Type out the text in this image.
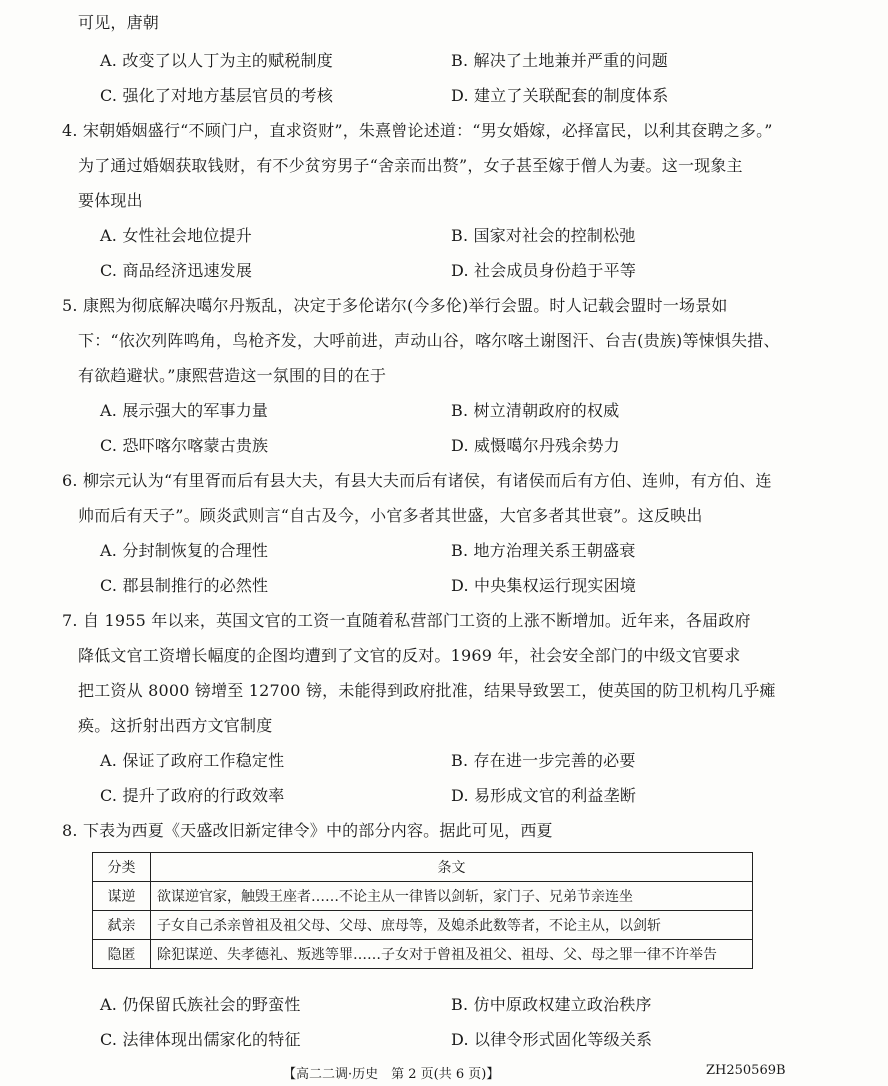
可见，唐朝
A. 改变了以人丁为主的赋税制度	B. 解决了土地兼并严重的问题
C. 强化了对地方基层官员的考核	D. 建立了关联配套的制度体系
4. 宋朝婚姻盛行“不顾门户，直求资财”，朱熹曾论述道：“男女婚嫁，必择富民，以利其奁聘之多。”
为了通过婚姻获取钱财，有不少贫穷男子“舍亲而出赘”，女子甚至嫁于僧人为妻。这一现象主
要体现出
A. 女性社会地位提升	B. 国家对社会的控制松弛
C. 商品经济迅速发展	D. 社会成员身份趋于平等
5. 康熙为彻底解决噶尔丹叛乱，决定于多伦诺尔(今多伦)举行会盟。时人记载会盟时一场景如
下：“依次列阵鸣角，鸟枪齐发，大呼前进，声动山谷，喀尔喀土谢图汗、台吉(贵族)等悚惧失措、
有欲趋避状。”康熙营造这一氛围的目的在于
A. 展示强大的军事力量	B. 树立清朝政府的权威
C. 恐吓喀尔喀蒙古贵族	D. 威慑噶尔丹残余势力
6. 柳宗元认为“有里胥而后有县大夫，有县大夫而后有诸侯，有诸侯而后有方伯、连帅，有方伯、连
帅而后有天子”。顾炎武则言“自古及今，小官多者其世盛，大官多者其世衰”。这反映出
A. 分封制恢复的合理性	B. 地方治理关系王朝盛衰
C. 郡县制推行的必然性	D. 中央集权运行现实困境
7. 自 1955 年以来，英国文官的工资一直随着私营部门工资的上涨不断增加。近年来，各届政府
降低文官工资增长幅度的企图均遭到了文官的反对。1969 年，社会安全部门的中级文官要求
把工资从 8000 镑增至 12700 镑，未能得到政府批准，结果导致罢工，使英国的防卫机构几乎瘫
痪。这折射出西方文官制度
A. 保证了政府工作稳定性	B. 存在进一步完善的必要
C. 提升了政府的行政效率	D. 易形成文官的利益垄断
8. 下表为西夏《天盛改旧新定律令》中的部分内容。据此可见，西夏
分类	条文
谋逆	欲谋逆官家，触毁王座者……不论主从一律皆以剑斩，家门子、兄弟节亲连坐
弑亲	子女自己杀亲曾祖及祖父母、父母、庶母等，及媳杀此数等者，不论主从，以剑斩
隐匿	除犯谋逆、失孝德礼、叛逃等罪……子女对于曾祖及祖父、祖母、父、母之罪一律不许举告
A. 仍保留氏族社会的野蛮性	B. 仿中原政权建立政治秩序
C. 法律体现出儒家化的特征	D. 以律令形式固化等级关系
【高二二调·历史　第 2 页(共 6 页)】	ZH250569B
